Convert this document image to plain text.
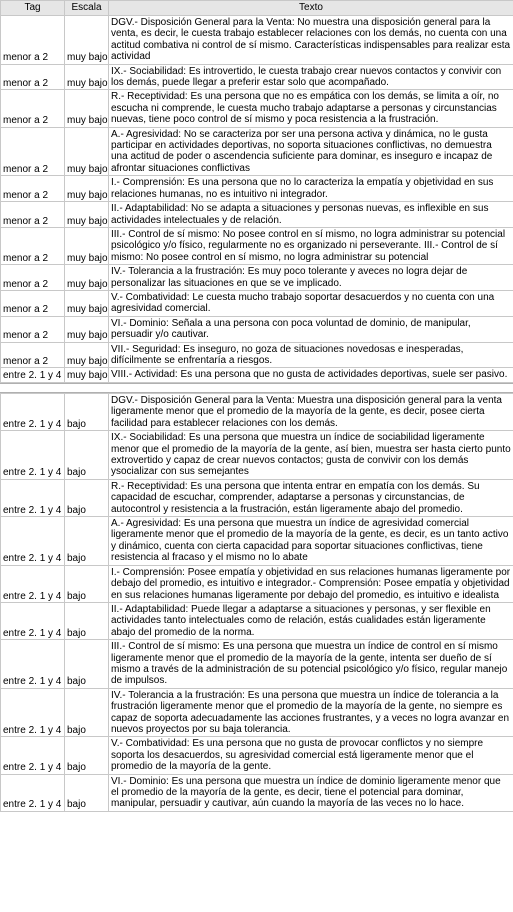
Tag	Escala	Texto
menor a 2	muy bajo	DGV.- Disposición General para la Venta: No muestra una disposición general para la venta, es decir, le cuesta trabajo establecer relaciones con los demás, no cuenta con una actitud combativa ni control de sí mismo. Características indispensables para realizar esta actividad
menor a 2	muy bajo	IX.- Sociabilidad: Es introvertido, le cuesta trabajo crear nuevos contactos y convivir con los demás, puede llegar a preferir estar solo que acompañado.
menor a 2	muy bajo	R.- Receptividad: Es una persona que no es empática con los demás, se limita a oír, no escucha ni comprende, le cuesta mucho trabajo adaptarse a personas y circunstancias nuevas, tiene poco control de sí mismo y poca resistencia a la frustración.
menor a 2	muy bajo	A.- Agresividad: No se caracteriza por ser una persona activa y dinámica, no le gusta participar en actividades deportivas, no soporta situaciones conflictivas, no demuestra una actitud de poder o ascendencia suficiente para dominar, es inseguro e incapaz de afrontar situaciones conflictivas
menor a 2	muy bajo	I.- Comprensión: Es una persona que no lo caracteriza la empatía y objetividad en sus relaciones humanas, no es intuitivo ni integrador.
menor a 2	muy bajo	II.- Adaptabilidad: No se adapta a situaciones y personas nuevas, es inflexible en sus actividades intelectuales y de relación.
menor a 2	muy bajo	III.- Control de sí mismo: No posee control en sí mismo, no logra administrar su potencial psicológico y/o físico, regularmente no es organizado ni perseverante. III.- Control de sí mismo: No posee control en sí mismo, no logra administrar su potencial
menor a 2	muy bajo	IV.- Tolerancia a la frustración: Es muy poco tolerante y aveces no logra dejar de personalizar las situaciones en que se ve implicado.
menor a 2	muy bajo	V.- Combatividad: Le cuesta mucho trabajo soportar desacuerdos y no cuenta con una agresividad comercial.
menor a 2	muy bajo	VI.- Dominio: Señala a una persona con poca voluntad de dominio, de manipular, persuadir y/o cautivar.
menor a 2	muy bajo	VII.- Seguridad: Es inseguro, no goza de situaciones novedosas e inesperadas, difícilmente se enfrentaría a riesgos.
entre 2. 1 y 4	muy bajo	VIII.- Actividad: Es una persona que no gusta de actividades deportivas, suele ser pasivo.
entre 2. 1 y 4	bajo	DGV.- Disposición General para la Venta: Muestra una disposición general para la venta ligeramente menor que el promedio de la mayoría de la gente, es decir, posee cierta facilidad para establecer relaciones con los demás.
entre 2. 1 y 4	bajo	IX.- Sociabilidad: Es una persona que muestra un índice de sociabilidad ligeramente menor que el promedio de la mayoría de la gente, así bien, muestra ser hasta cierto punto extrovertido y capaz de crear nuevos contactos; gusta de convivir con los demás ysocializar con sus semejantes
entre 2. 1 y 4	bajo	R.- Receptividad: Es una persona que intenta entrar en empatía con los demás. Su capacidad de escuchar, comprender, adaptarse a personas y circunstancias, de autocontrol y resistencia a la frustración, están ligeramente abajo del promedio.
entre 2. 1 y 4	bajo	A.- Agresividad: Es una persona que muestra un índice de agresividad comercial ligeramente menor que el promedio de la mayoría de la gente, es decir, es un tanto activo y dinámico, cuenta con cierta capacidad para soportar situaciones conflictivas, tiene resistencia al fracaso y el mismo no lo abate
entre 2. 1 y 4	bajo	I.- Comprensión: Posee empatía y objetividad en sus relaciones humanas ligeramente por debajo del promedio, es intuitivo e integrador.- Comprensión: Posee empatía y objetividad en sus relaciones humanas ligeramente por debajo del promedio, es intuitivo e idealista
entre 2. 1 y 4	bajo	II.- Adaptabilidad: Puede llegar a adaptarse a situaciones y personas, y ser flexible en actividades tanto intelectuales como de relación, estás cualidades están ligeramente abajo del promedio de la norma.
entre 2. 1 y 4	bajo	III.- Control de sí mismo: Es una persona que muestra un índice de control en sí mismo ligeramente menor que el promedio de la mayoría de la gente, intenta ser dueño de sí mismo a través de la administración de su potencial psicológico y/o físico, regular manejo de impulsos.
entre 2. 1 y 4	bajo	IV.- Tolerancia a la frustración: Es una persona que muestra un índice de tolerancia a la frustración ligeramente menor que el promedio de la mayoría de la gente, no siempre es capaz de soporta adecuadamente las acciones frustrantes, y a veces no logra avanzar en nuevos proyectos por su baja tolerancia.
entre 2. 1 y 4	bajo	V.- Combatividad: Es una persona que no gusta de provocar conflictos y no siempre soporta los desacuerdos, su agresividad comercial está ligeramente menor que el promedio de la mayoría de la gente.
entre 2. 1 y 4	bajo	VI.- Dominio: Es una persona que muestra un índice de dominio ligeramente menor que el promedio de la mayoría de la gente, es decir, tiene el potencial para dominar, manipular, persuadir y cautivar, aún cuando la mayoría de las veces no lo hace.
